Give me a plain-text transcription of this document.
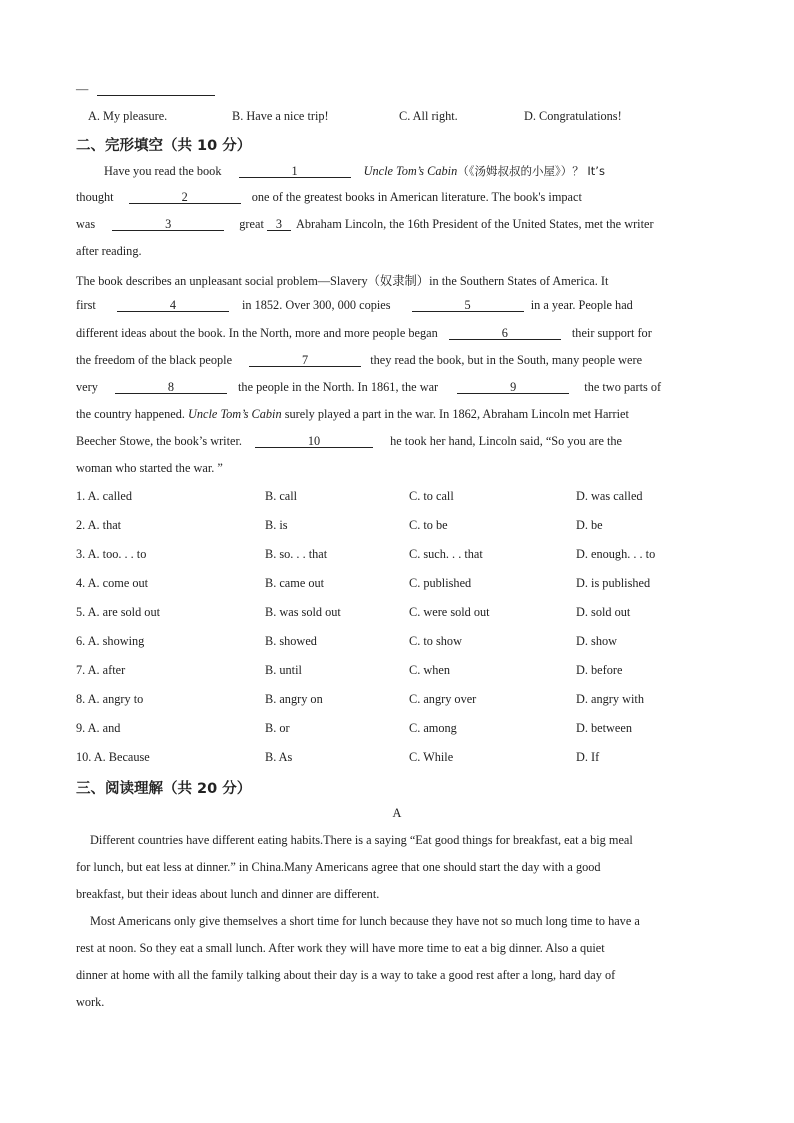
—
A. My pleasure.	B. Have a nice trip!	C. All right.	D. Congratulations!
二、完形填空（共 10 分）
Have you read the book	1	Uncle Tom’s Cabin（《汤姆叔叔的小屋》）？ It’s
thought	2	one of the greatest books in American literature. The book's impact
was	3	great 3 Abraham Lincoln, the 16th President of the United States, met the writer
after reading.
The book describes an unpleasant social problem—Slavery（奴隶制）in the Southern States of America. It
first	4	in 1852. Over 300, 000 copies	5	in a year. People had
different ideas about the book. In the North, more and more people began	6	their support for
the freedom of the black people	7	they read the book, but in the South, many people were
very	8	the people in the North. In 1861, the war	9	the two parts of
the country happened. Uncle Tom’s Cabin surely played a part in the war. In 1862, Abraham Lincoln met Harriet
Beecher Stowe, the book’s writer.	10	he took her hand, Lincoln said, “So you are the
woman who started the war. ”
1. A. called	B. call	C. to call	D. was called
2. A. that	B. is	C. to be	D. be
3. A. too. . . to	B. so. . . that	C. such. . . that	D. enough. . . to
4. A. come out	B. came out	C. published	D. is published
5. A. are sold out	B. was sold out	C. were sold out	D. sold out
6. A. showing	B. showed	C. to show	D. show
7. A. after	B. until	C. when	D. before
8. A. angry to	B. angry on	C. angry over	D. angry with
9. A. and	B. or	C. among	D. between
10. A. Because	B. As	C. While	D. If
三、阅读理解（共 20 分）
A
Different countries have different eating habits.There is a saying “Eat good things for breakfast, eat a big meal
for lunch, but eat less at dinner.” in China.Many Americans agree that one should start the day with a good
breakfast, but their ideas about lunch and dinner are different.
Most Americans only give themselves a short time for lunch because they have not so much long time to have a
rest at noon. So they eat a small lunch. After work they will have more time to eat a big dinner. Also a quiet
dinner at home with all the family talking about their day is a way to take a good rest after a long, hard day of
work.
